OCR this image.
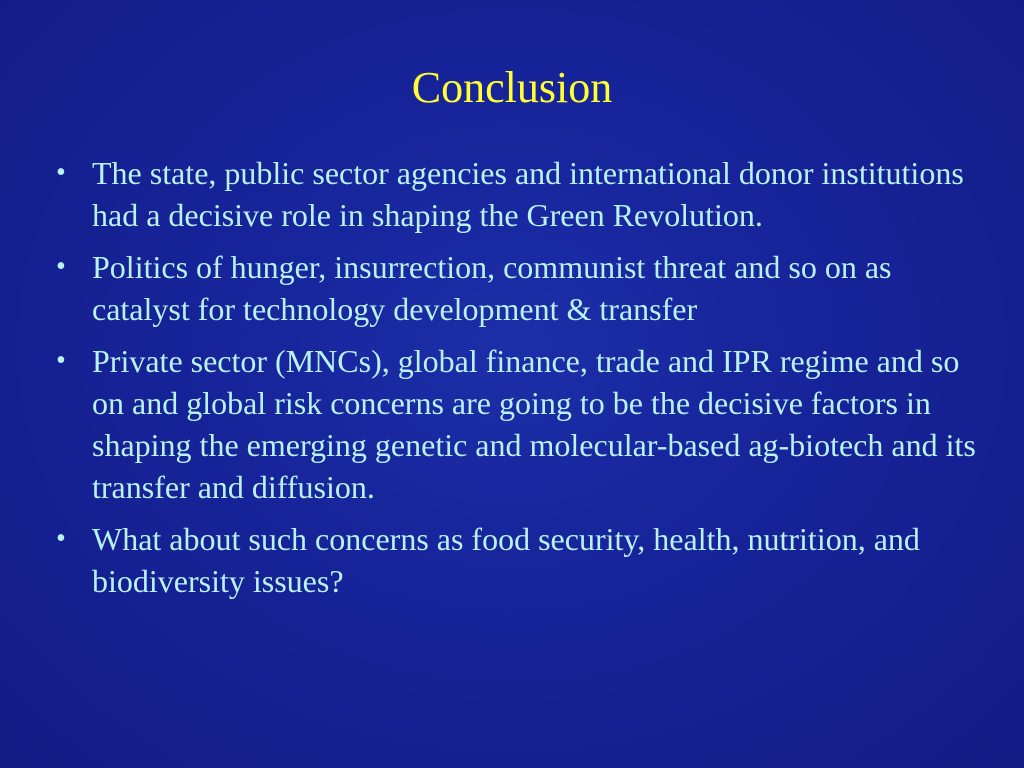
Conclusion
• The state, public sector agencies and international donor institutions had a decisive role in shaping the Green Revolution.
• Politics of hunger, insurrection, communist threat and so on as catalyst for technology development & transfer
• Private sector (MNCs), global finance, trade and IPR regime and so on and global risk concerns are going to be the decisive factors in shaping the emerging genetic and molecular-based ag-biotech and its transfer and diffusion.
• What about such concerns as food security, health, nutrition, and biodiversity issues?
